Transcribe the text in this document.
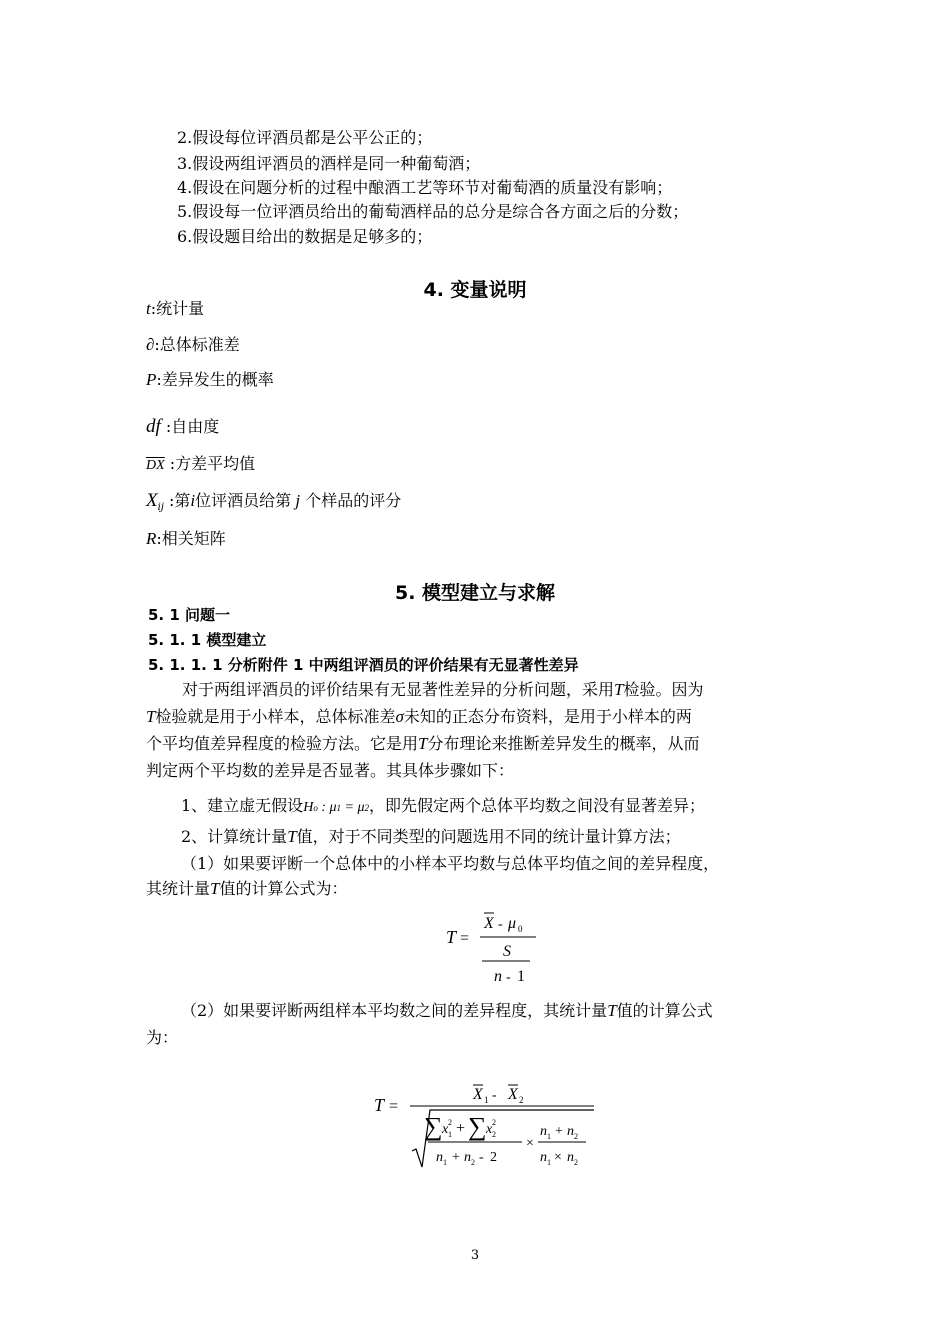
2.假设每位评酒员都是公平公正的；
3.假设两组评酒员的酒样是同一种葡萄酒；
4.假设在问题分析的过程中酿酒工艺等环节对葡萄酒的质量没有影响；
5.假设每一位评酒员给出的葡萄酒样品的总分是综合各方面之后的分数；
6.假设题目给出的数据是足够多的；
4. 变量说明
t:统计量
∂:总体标准差
P:差异发生的概率
df :自由度
$\overline{DX}$ :方差平均值
$X_{ij}$ :第i位评酒员给第 j 个样品的评分
R:相关矩阵
5. 模型建立与求解
5. 1 问题一
5. 1. 1 模型建立
5. 1. 1. 1 分析附件 1 中两组评酒员的评价结果有无显著性差异
对于两组评酒员的评价结果有无显著性差异的分析问题，采用T检验。因为
T检验就是用于小样本，总体标准差σ未知的正态分布资料，是用于小样本的两
个平均值差异程度的检验方法。它是用T分布理论来推断差异发生的概率，从而
判定两个平均数的差异是否显著。其具体步骤如下：
1、建立虚无假设Ho : μ1 = μ2，即先假定两个总体平均数之间没有显著差异；
2、计算统计量T值，对于不同类型的问题选用不同的统计量计算方法；
（1）如果要评断一个总体中的小样本平均数与总体平均值之间的差异程度，
其统计量T值的计算公式为：
T =
X - μ 0
S
n - 1
（2）如果要评断两组样本平均数之间的差异程度，其统计量T值的计算公式
为：
T =
X 1 - X 2
∑ x 2
1 + ∑ x 2
2
n 1 + n 2 - 2
×
n 1 + n 2
n 1 × n 2
3
